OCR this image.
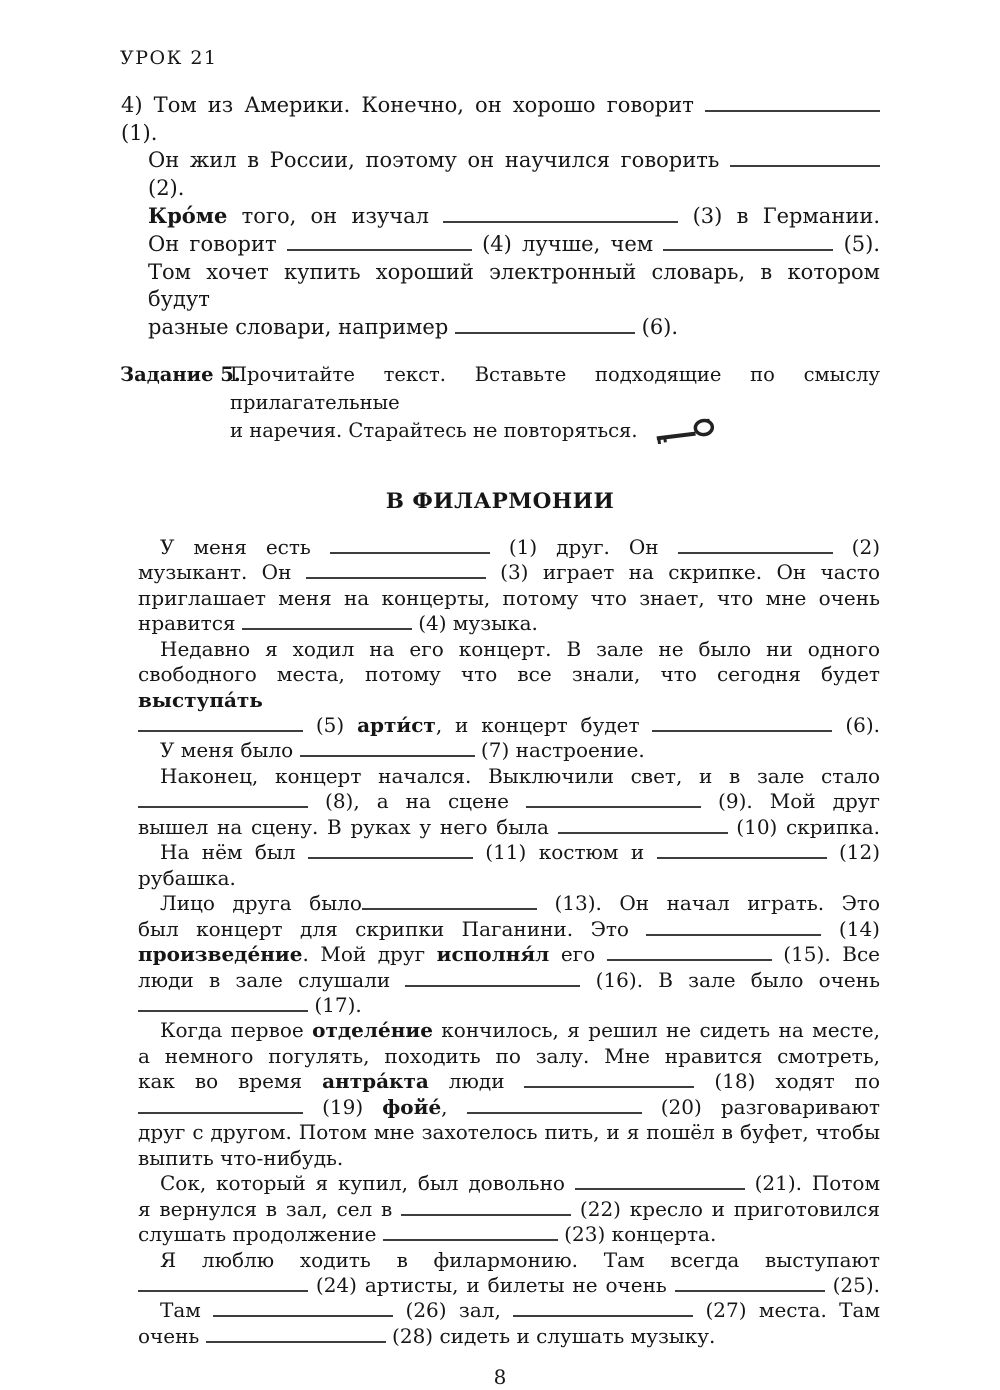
УРОК 21
4) Том из Америки. Конечно, он хорошо говорит  (1).
Он жил в России, поэтому он научился говорить  (2).
Кро́ме того, он изучал	(3) в Германии.
Он говорит	(4) лучше, чем	(5).
Том хочет купить хороший электронный словарь, в котором будут
разные словари, например	(6).
Задание 5.
Прочитайте текст. Вставьте подходящие по смыслу прилагательные
и наречия. Старайтесь не повторяться.
В ФИЛАРМОНИИ
У меня есть	(1) друг. Он	(2)
музыкант. Он	(3) играет на скрипке. Он часто
приглашает меня на концерты, потому что знает, что мне очень
нравится	(4) музыка.
Недавно я ходил на его концерт. В зале не было ни одного
свободного места, потому что все знали, что сегодня будет выступа́ть
(5) арти́ст, и концерт будет	(6).
У меня было	(7) настроение.
Наконец, концерт начался. Выключили свет, и в зале стало
(8), а на сцене	(9). Мой друг
вышел на сцену. В руках у него была	(10) скрипка.
На нём был	(11) костюм и	(12)
рубашка.
Лицо друга было	(13). Он начал играть. Это
был концерт для скрипки Паганини. Это	(14)
произведе́ние. Мой друг исполня́л его	(15). Все
люди в зале слушали	(16). В зале было очень
(17).
Когда первое отделе́ние кончилось, я решил не сидеть на месте,
а немного погулять, походить по залу. Мне нравится смотреть,
как во время антра́кта люди	(18) ходят по
(19) фойе́,	(20) разговаривают
друг с другом. Потом мне захотелось пить, и я пошёл в буфет, чтобы
выпить что-нибудь.
Сок, который я купил, был довольно	(21). Потом
я вернулся в зал, сел в	(22) кресло и приготовился
слушать продолжение	(23) концерта.
Я люблю ходить в филармонию. Там всегда выступают
(24) артисты, и билеты не очень	(25).
Там	(26) зал,	(27) места. Там
очень	(28) сидеть и слушать музыку.
8
